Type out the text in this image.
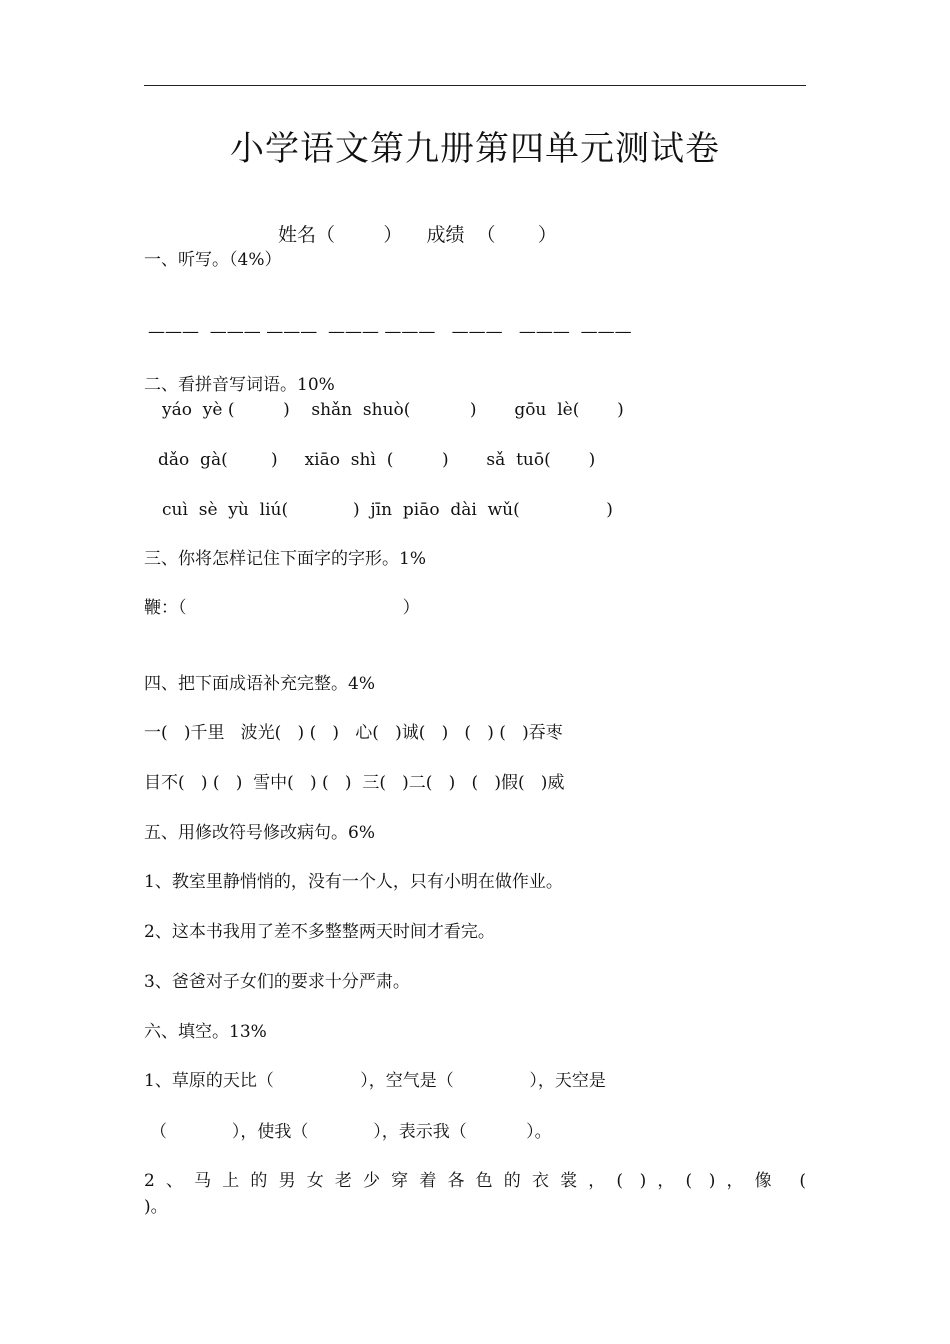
小学语文第九册第四单元测试卷
姓名（        ）    成绩  （       ）
一、听写。（4%）
———  ——— ———  ——— ———   ———   ———  ———
二、看拼音写词语。10%
yáo  yè (         )    shǎn  shuò(           )       gōu  lè(       )
dǎo  gà(        )     xiāo  shì  (         )       sǎ  tuō(       )
cuì  sè  yù  liú(            )  jīn  piāo  dài  wǔ(                )
三、你将怎样记住下面字的字形。1%
鞭：（                                        ）
四、把下面成语补充完整。4%
一(   )千里   波光(   ) (   )   心(   )诚(   )   (   ) (   )吞枣
目不(   ) (   )  雪中(   ) (   )  三(   )二(   )   (   )假(   )威
五、用修改符号修改病句。6%
1、教室里静悄悄的，没有一个人，只有小明在做作业。
2、这本书我用了差不多整整两天时间才看完。
3、爸爸对子女们的要求十分严肃。
六、填空。13%
1、草原的天比（                ），空气是（              ），天空是
（            ），使我（            ），表示我（           ）。
2、马上的男女老少穿着各色的衣裳，( )，( )，像 (
)。
